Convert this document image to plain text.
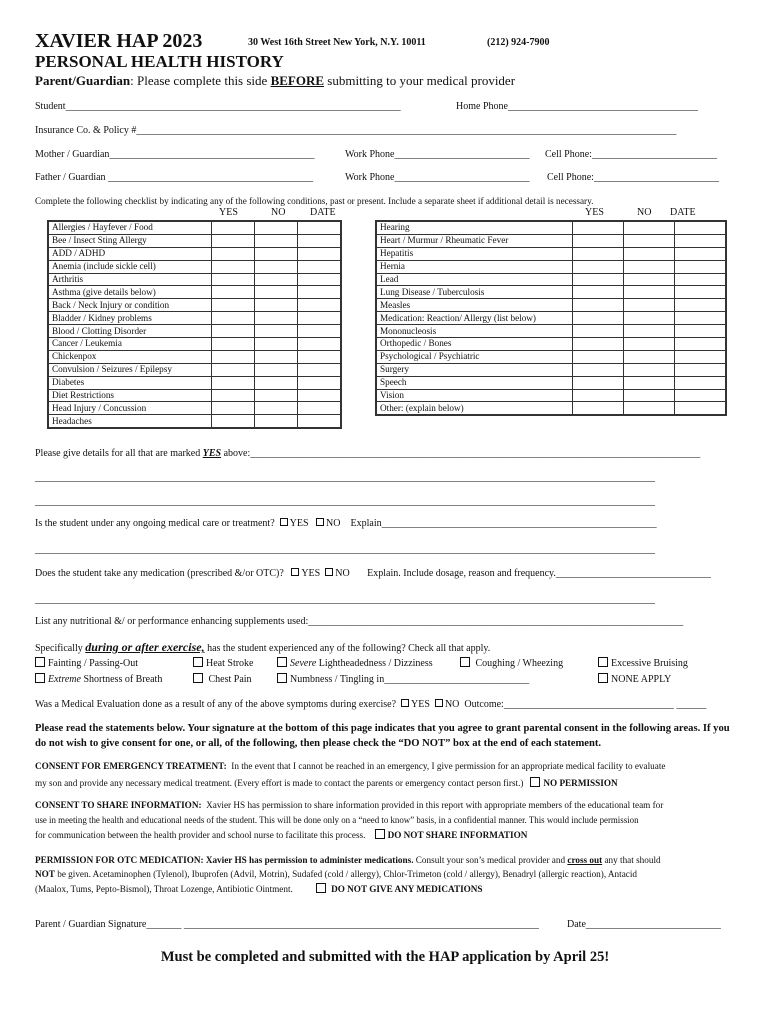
XAVIER HAP 2023	30 West 16th Street New York, N.Y. 10011	(212) 924-7900
PERSONAL HEALTH HISTORY
Parent/Guardian: Please complete this side BEFORE submitting to your medical provider
Student___________________________________________________________________	Home Phone______________________________________
Insurance Co. & Policy #____________________________________________________________________________________________________________
Mother / Guardian_________________________________________	Work Phone___________________________ Cell Phone:_________________________
Father / Guardian _________________________________________	Work Phone___________________________ Cell Phone:_________________________
Complete the following checklist by indicating any of the following conditions, past or present. Include a separate sheet if additional detail is necessary.
YES	NO DATE	YES	NO DATE
Allergies / Hayfever / Food			
Bee / Insect Sting Allergy			
ADD / ADHD			
Anemia (include sickle cell)			
Arthritis			
Asthma (give details below)			
Back / Neck Injury or condition			
Bladder / Kidney problems			
Blood / Clotting Disorder			
Cancer / Leukemia			
Chickenpox			
Convulsion / Seizures / Epilepsy			
Diabetes			
Diet Restrictions			
Head Injury / Concussion			
Headaches			
Hearing			
Heart / Murmur / Rheumatic Fever			
Hepatitis			
Hernia			
Lead			
Lung Disease / Tuberculosis			
Measles			
Medication: Reaction/ Allergy (list below)			
Mononucleosis			
Orthopedic / Bones			
Psychological / Psychiatric			
Surgery			
Speech			
Vision			
Other: (explain below)			
Please give details for all that are marked YES above:__________________________________________________________________________________________
____________________________________________________________________________________________________________________________
____________________________________________________________________________________________________________________________
Is the student under any ongoing medical care or treatment? YES NO Explain_______________________________________________________
____________________________________________________________________________________________________________________________
Does the student take any medication (prescribed &/or OTC)? YES NO Explain. Include dosage, reason and frequency._______________________________
____________________________________________________________________________________________________________________________
List any nutritional &/ or performance enhancing supplements used:___________________________________________________________________________
Specifically during or after exercise, has the student experienced any of the following? Check all that apply.
Fainting / Passing-Out	Heat Stroke	Severe Lightheadedness / Dizziness	Coughing / Wheezing	Excessive Bruising
Extreme Shortness of Breath	Chest Pain	Numbness / Tingling in_____________________________	NONE APPLY
Was a Medical Evaluation done as a result of any of the above symptoms during exercise? YES NO Outcome:__________________________________ ______
Please read the statements below. Your signature at the bottom of this page indicates that you agree to grant parental consent in the following areas. If you do not wish to give consent for one, or all, of the following, then please check the “DO NOT” box at the end of each statement.
CONSENT FOR EMERGENCY TREATMENT: In the event that I cannot be reached in an emergency, I give permission for an appropriate medical facility to evaluate
my son and provide any necessary medical treatment. (Every effort is made to contact the parents or emergency contact person first.) NO PERMISSION
CONSENT TO SHARE INFORMATION: Xavier HS has permission to share information provided in this report with appropriate members of the educational team for
use in meeting the health and educational needs of the student. This will be done only on a “need to know” basis, in a confidential manner. This would include permission
for communication between the health provider and school nurse to facilitate this process. DO NOT SHARE INFORMATION
PERMISSION FOR OTC MEDICATION: Xavier HS has permission to administer medications. Consult your son’s medical provider and cross out any that should
NOT be given. Acetaminophen (Tylenol), Ibuprofen (Advil, Motrin), Sudafed (cold / allergy), Chlor-Trimeton (cold / allergy), Benadryl (allergic reaction), Antacid
(Maalox, Tums, Pepto-Bismol), Throat Lozenge, Antibiotic Ointment.	DO NOT GIVE ANY MEDICATIONS
Parent / Guardian Signature_______ _______________________________________________________________________	Date___________________________
Must be completed and submitted with the HAP application by April 25!
